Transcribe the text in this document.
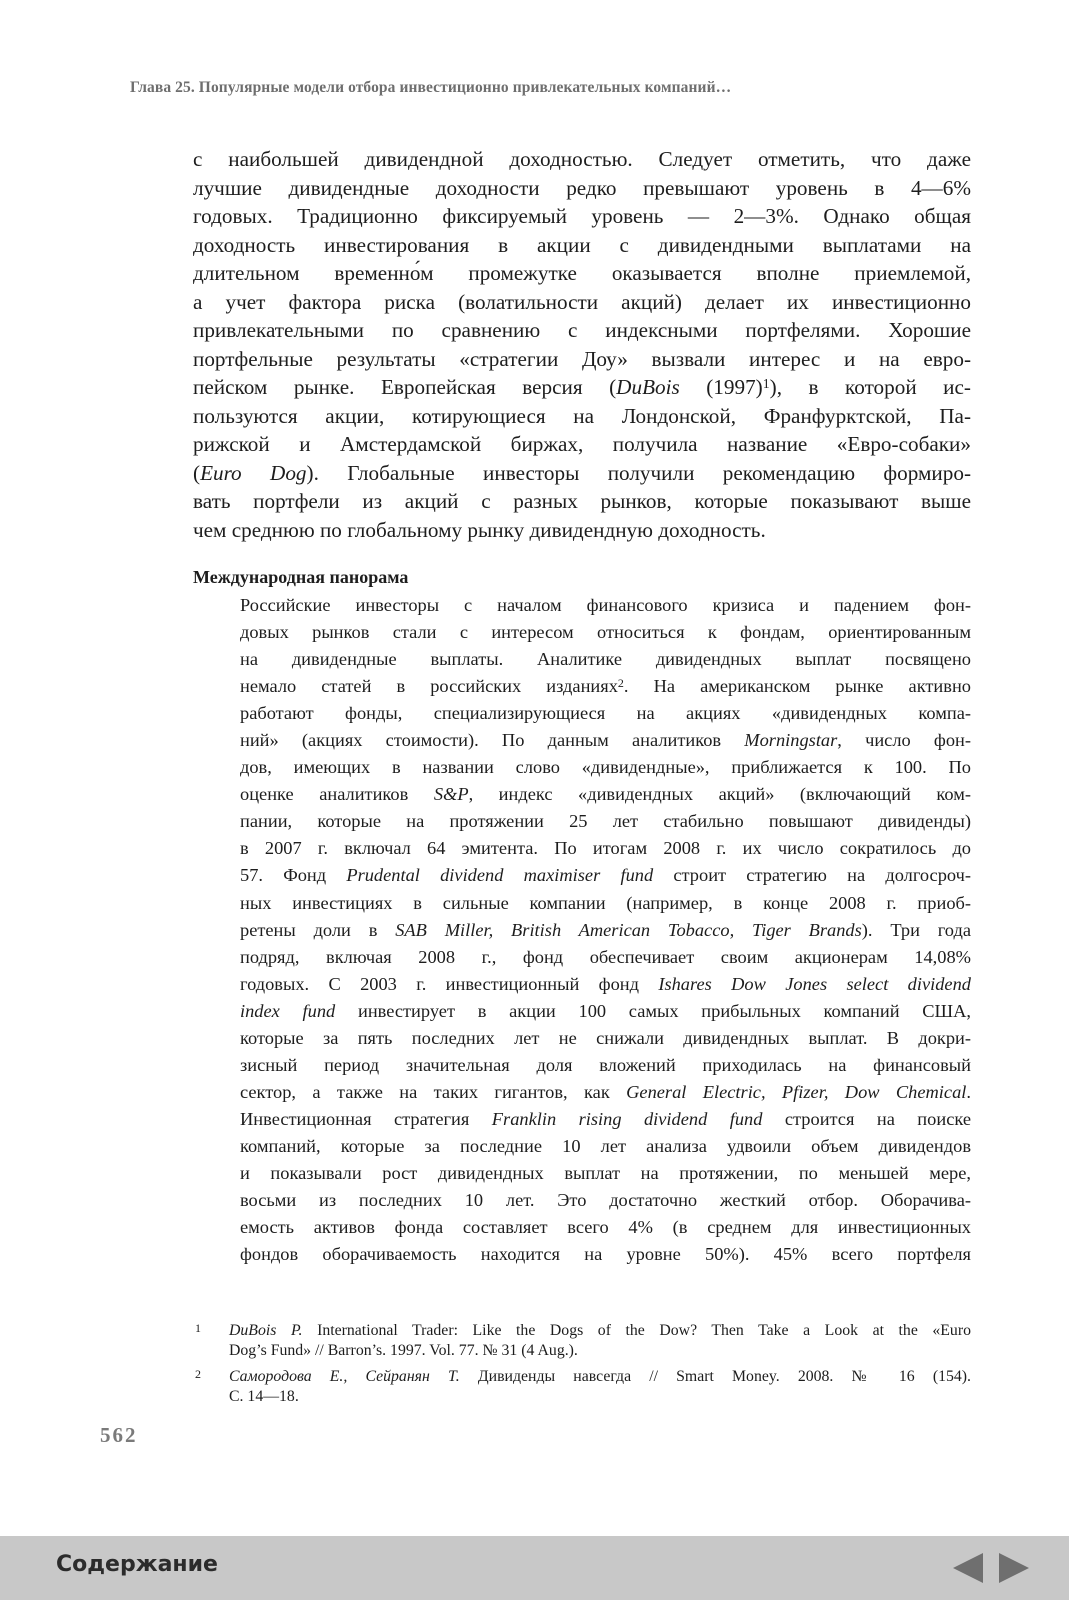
Глава 25. Популярные модели отбора инвестиционно привлекательных компаний…
с наибольшей дивидендной доходностью. Следует отметить, что даже
лучшие дивидендные доходности редко превышают уровень в 4—6%
годовых. Традиционно фиксируемый уровень — 2—3%. Однако общая
доходность инвестирования в акции с дивидендными выплатами на
длительном временно́м промежутке оказывается вполне приемлемой,
а учет фактора риска (волатильности акций) делает их инвестиционно
привлекательными по сравнению с индексными портфелями. Хорошие
портфельные результаты «стратегии Доу» вызвали интерес и на евро-
пейском рынке. Европейская версия (DuBois $(1997)^1$), в которой ис-
пользуются акции, котирующиеся на Лондонской, Франфурктской, Па-
рижской и Амстердамской биржах, получила название «Евро-собаки»
(Euro Dog). Глобальные инвесторы получили рекомендацию формиро-
вать портфели из акций с разных рынков, которые показывают выше
чем среднюю по глобальному рынку дивидендную доходность.
Международная панорама
Российские инвесторы с началом финансового кризиса и падением фон-
довых рынков стали с интересом относиться к фондам, ориентированным
на дивидендные выплаты. Аналитике дивидендных выплат посвящено
немало статей в российских изданиях$^2$. На американском рынке активно
работают фонды, специализирующиеся на акциях «дивидендных компа-
ний» (акциях стоимости). По данным аналитиков Morningstar, число фон-
дов, имеющих в названии слово «дивидендные», приближается к 100. По
оценке аналитиков S&P, индекс «дивидендных акций» (включающий ком-
пании, которые на протяжении 25 лет стабильно повышают дивиденды)
в 2007 г. включал 64 эмитента. По итогам 2008 г. их число сократилось до
57. Фонд Prudental dividend maximiser fund строит стратегию на долгосроч-
ных инвестициях в сильные компании (например, в конце 2008 г. приоб-
ретены доли в SAB Miller, British American Tobacco, Tiger Brands). Три года
подряд, включая 2008 г., фонд обеспечивает своим акционерам 14,08%
годовых. С 2003 г. инвестиционный фонд Ishares Dow Jones select dividend
index fund инвестирует в акции 100 самых прибыльных компаний США,
которые за пять последних лет не снижали дивидендных выплат. В докри-
зисный период значительная доля вложений приходилась на финансовый
сектор, а также на таких гигантов, как General Electric, Pfizer, Dow Chemical.
Инвестиционная стратегия Franklin rising dividend fund строится на поиске
компаний, которые за последние 10 лет анализа удвоили объем дивидендов
и показывали рост дивидендных выплат на протяжении, по меньшей мере,
восьми из последних 10 лет. Это достаточно жесткий отбор. Оборачива-
емость активов фонда составляет всего 4% (в среднем для инвестиционных
фондов оборачиваемость находится на уровне 50%). 45% всего портфеля
1 DuBois P. International Trader: Like the Dogs of the Dow? Then Take a Look at the «Euro
Dog’s Fund» // Barron’s. 1997. Vol. 77. № 31 (4 Aug.).
2 Самородова Е., Сейранян Т. Дивиденды навсегда // Smart Money. 2008. № 16 (154).
С. 14—18.
562
Содержание
